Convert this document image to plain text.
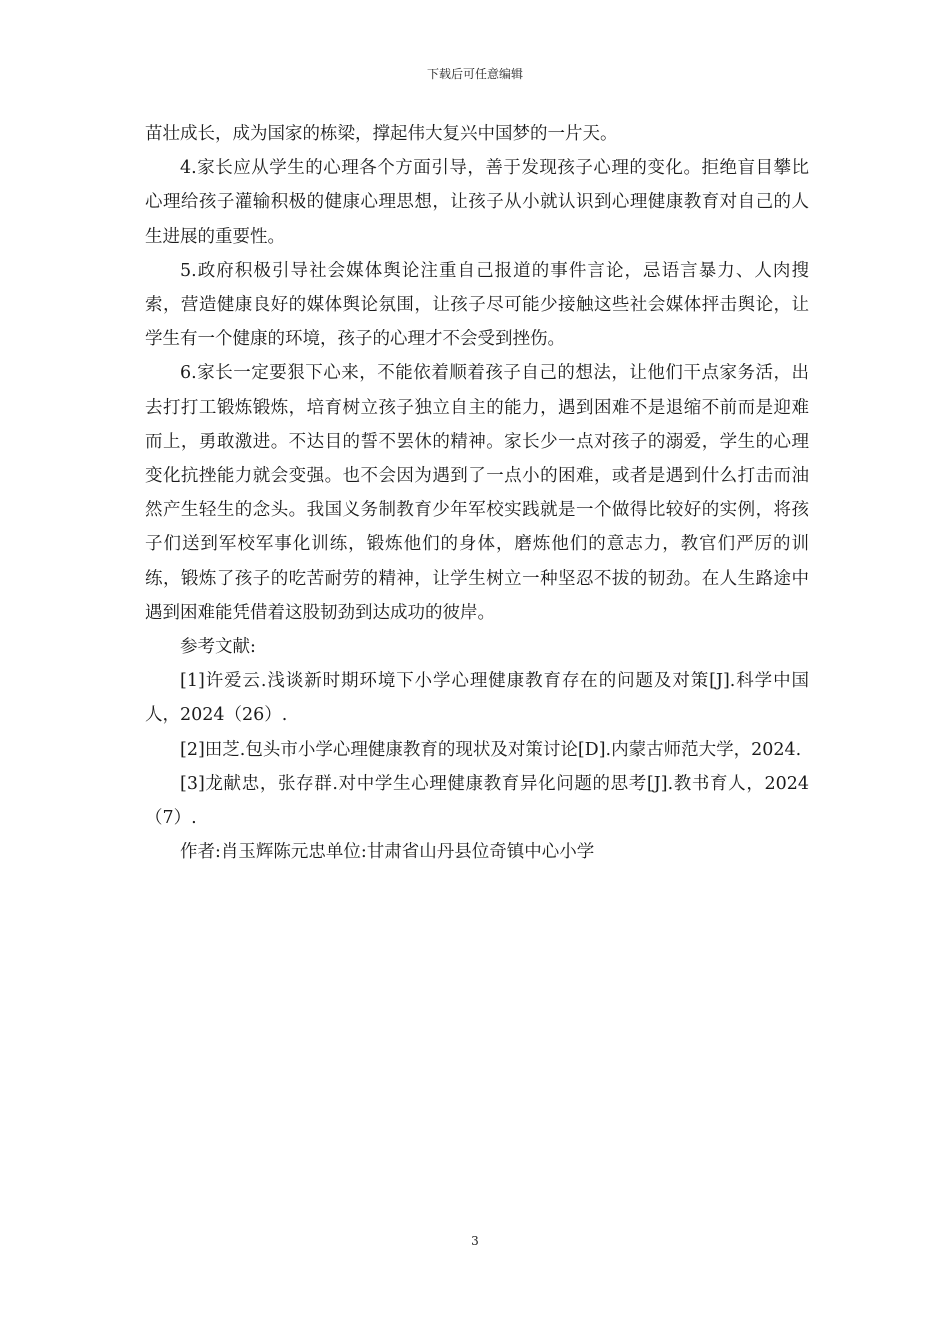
下载后可任意编辑

苗壮成长，成为国家的栋梁，撑起伟大复兴中国梦的一片天。

4.家长应从学生的心理各个方面引导，善于发现孩子心理的变化。拒绝盲目攀比心理给孩子灌输积极的健康心理思想，让孩子从小就认识到心理健康教育对自己的人生进展的重要性。

5.政府积极引导社会媒体舆论注重自己报道的事件言论，忌语言暴力、人肉搜索，营造健康良好的媒体舆论氛围，让孩子尽可能少接触这些社会媒体抨击舆论，让学生有一个健康的环境，孩子的心理才不会受到挫伤。

6.家长一定要狠下心来，不能依着顺着孩子自己的想法，让他们干点家务活，出去打打工锻炼锻炼，培育树立孩子独立自主的能力，遇到困难不是退缩不前而是迎难而上，勇敢激进。不达目的誓不罢休的精神。家长少一点对孩子的溺爱，学生的心理变化抗挫能力就会变强。也不会因为遇到了一点小的困难，或者是遇到什么打击而油然产生轻生的念头。我国义务制教育少年军校实践就是一个做得比较好的实例，将孩子们送到军校军事化训练，锻炼他们的身体，磨炼他们的意志力，教官们严厉的训练，锻炼了孩子的吃苦耐劳的精神，让学生树立一种坚忍不拔的韧劲。在人生路途中遇到困难能凭借着这股韧劲到达成功的彼岸。

参考文献:

[1]许爱云.浅谈新时期环境下小学心理健康教育存在的问题及对策[J].科学中国人，2024（26）.

[2]田芝.包头市小学心理健康教育的现状及对策讨论[D].内蒙古师范大学，2024.

[3]龙献忠，张存群.对中学生心理健康教育异化问题的思考[J].教书育人，2024（7）.

作者:肖玉辉陈元忠单位:甘肃省山丹县位奇镇中心小学

3
